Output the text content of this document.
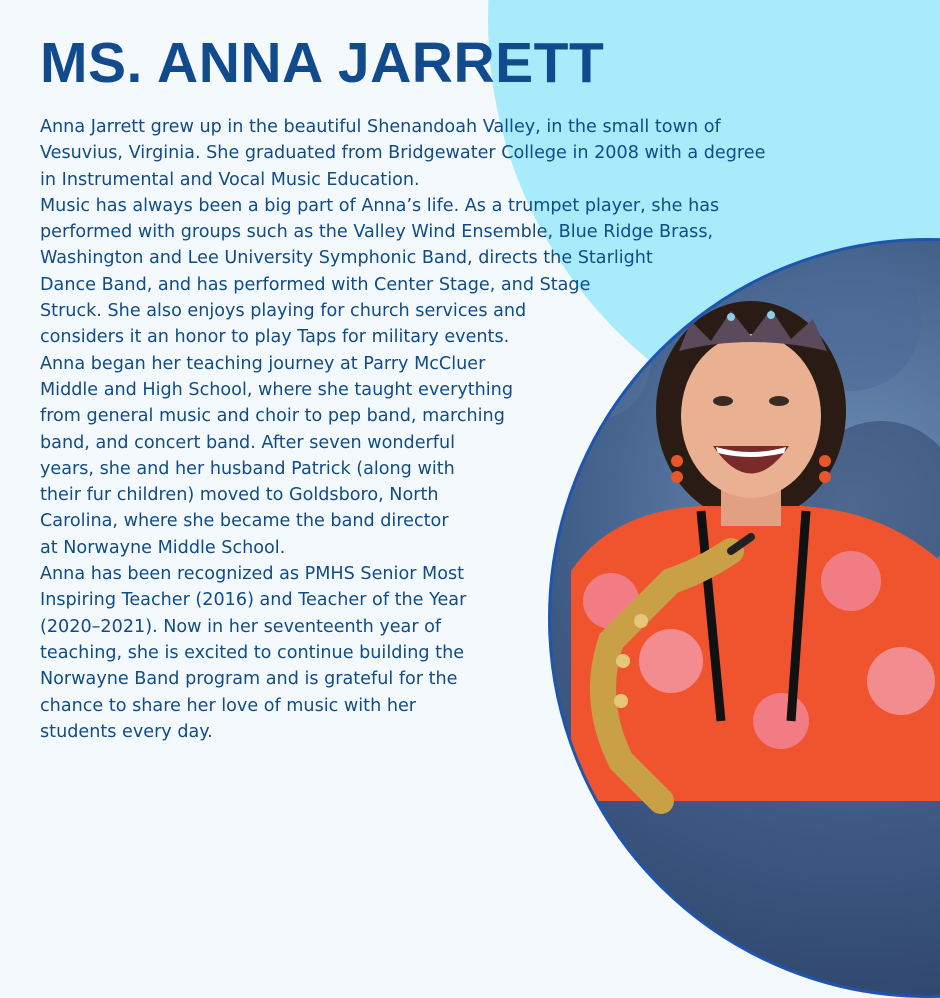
MS. ANNA JARRETT

Anna Jarrett grew up in the beautiful Shenandoah Valley, in the small town of
Vesuvius, Virginia. She graduated from Bridgewater College in 2008 with a degree
in Instrumental and Vocal Music Education.
Music has always been a big part of Anna’s life. As a trumpet player, she has
performed with groups such as the Valley Wind Ensemble, Blue Ridge Brass,
Washington and Lee University Symphonic Band, directs the Starlight
Dance Band, and has performed with Center Stage, and Stage
Struck. She also enjoys playing for church services and
considers it an honor to play Taps for military events.
Anna began her teaching journey at Parry McCluer
Middle and High School, where she taught everything
from general music and choir to pep band, marching
band, and concert band. After seven wonderful
years, she and her husband Patrick (along with
their fur children) moved to Goldsboro, North
Carolina, where she became the band director
at Norwayne Middle School.
Anna has been recognized as PMHS Senior Most
Inspiring Teacher (2016) and Teacher of the Year
(2020–2021). Now in her seventeenth year of
teaching, she is excited to continue building the
Norwayne Band program and is grateful for the
chance to share her love of music with her
students every day.
